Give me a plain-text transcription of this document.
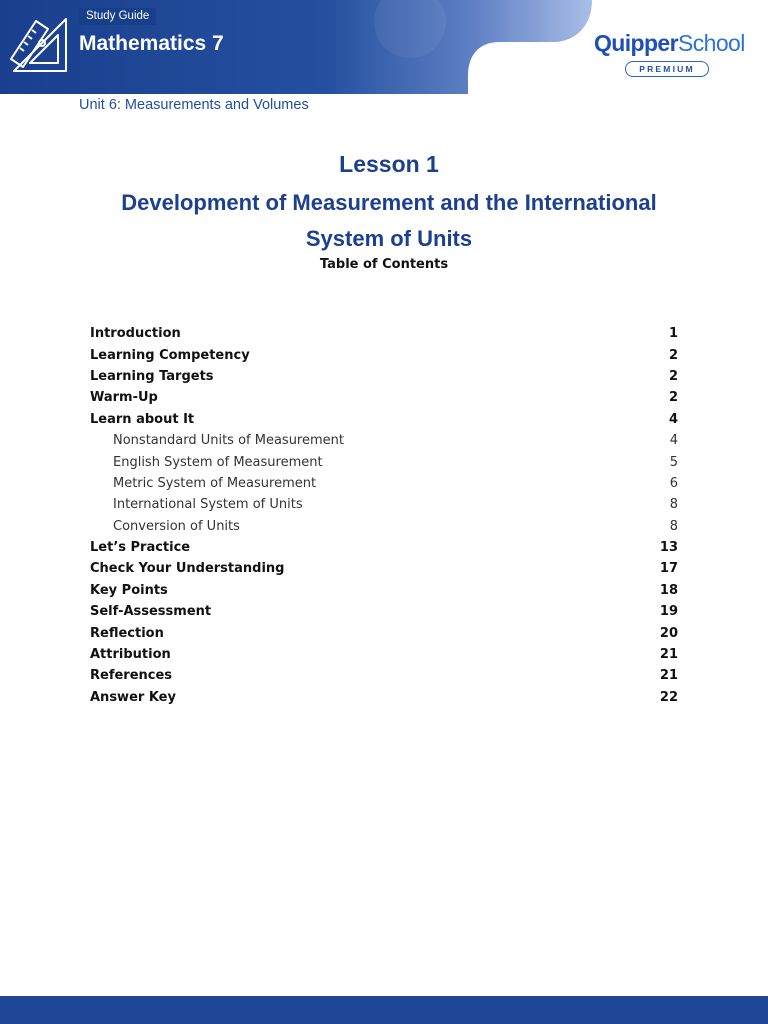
Study Guide
Mathematics 7	QuipperSchool
PREMIUM
Unit 6: Measurements and Volumes
Lesson 1
Development of Measurement and the International System of Units
Table of Contents
Introduction	1
Learning Competency	2
Learning Targets	2
Warm-Up	2
Learn about It	4
Nonstandard Units of Measurement	4
English System of Measurement	5
Metric System of Measurement	6
International System of Units	8
Conversion of Units	8
Let’s Practice	13
Check Your Understanding	17
Key Points	18
Self-Assessment	19
Reflection	20
Attribution	21
References	21
Answer Key	22
